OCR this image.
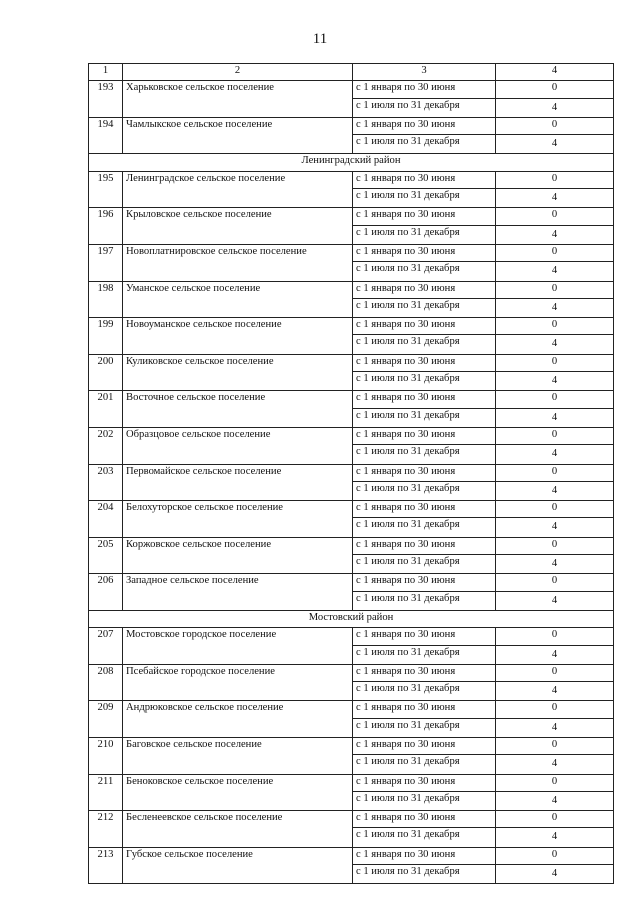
11
1	2	3	4
193	Харьковское сельское поселение	с 1 января по 30 июня	0
		с 1 июля по 31 декабря	4
194	Чамлыкское сельское поселение	с 1 января по 30 июня	0
		с 1 июля по 31 декабря	4
Ленинградский район			
195	Ленинградское сельское поселение	с 1 января по 30 июня	0
		с 1 июля по 31 декабря	4
196	Крыловское сельское поселение	с 1 января по 30 июня	0
		с 1 июля по 31 декабря	4
197	Новоплатнировское сельское поселение	с 1 января по 30 июня	0
		с 1 июля по 31 декабря	4
198	Уманское сельское поселение	с 1 января по 30 июня	0
		с 1 июля по 31 декабря	4
199	Новоуманское сельское поселение	с 1 января по 30 июня	0
		с 1 июля по 31 декабря	4
200	Куликовское сельское поселение	с 1 января по 30 июня	0
		с 1 июля по 31 декабря	4
201	Восточное сельское поселение	с 1 января по 30 июня	0
		с 1 июля по 31 декабря	4
202	Образцовое сельское поселение	с 1 января по 30 июня	0
		с 1 июля по 31 декабря	4
203	Первомайское сельское поселение	с 1 января по 30 июня	0
		с 1 июля по 31 декабря	4
204	Белохуторское сельское поселение	с 1 января по 30 июня	0
		с 1 июля по 31 декабря	4
205	Коржовское сельское поселение	с 1 января по 30 июня	0
		с 1 июля по 31 декабря	4
206	Западное сельское поселение	с 1 января по 30 июня	0
		с 1 июля по 31 декабря	4
Мостовский район			
207	Мостовское городское поселение	с 1 января по 30 июня	0
		с 1 июля по 31 декабря	4
208	Псебайское городское поселение	с 1 января по 30 июня	0
		с 1 июля по 31 декабря	4
209	Андрюковское сельское поселение	с 1 января по 30 июня	0
		с 1 июля по 31 декабря	4
210	Баговское сельское поселение	с 1 января по 30 июня	0
		с 1 июля по 31 декабря	4
211	Беноковское сельское поселение	с 1 января по 30 июня	0
		с 1 июля по 31 декабря	4
212	Бесленеевское сельское поселение	с 1 января по 30 июня	0
		с 1 июля по 31 декабря	4
213	Губское сельское поселение	с 1 января по 30 июня	0
		с 1 июля по 31 декабря	4
